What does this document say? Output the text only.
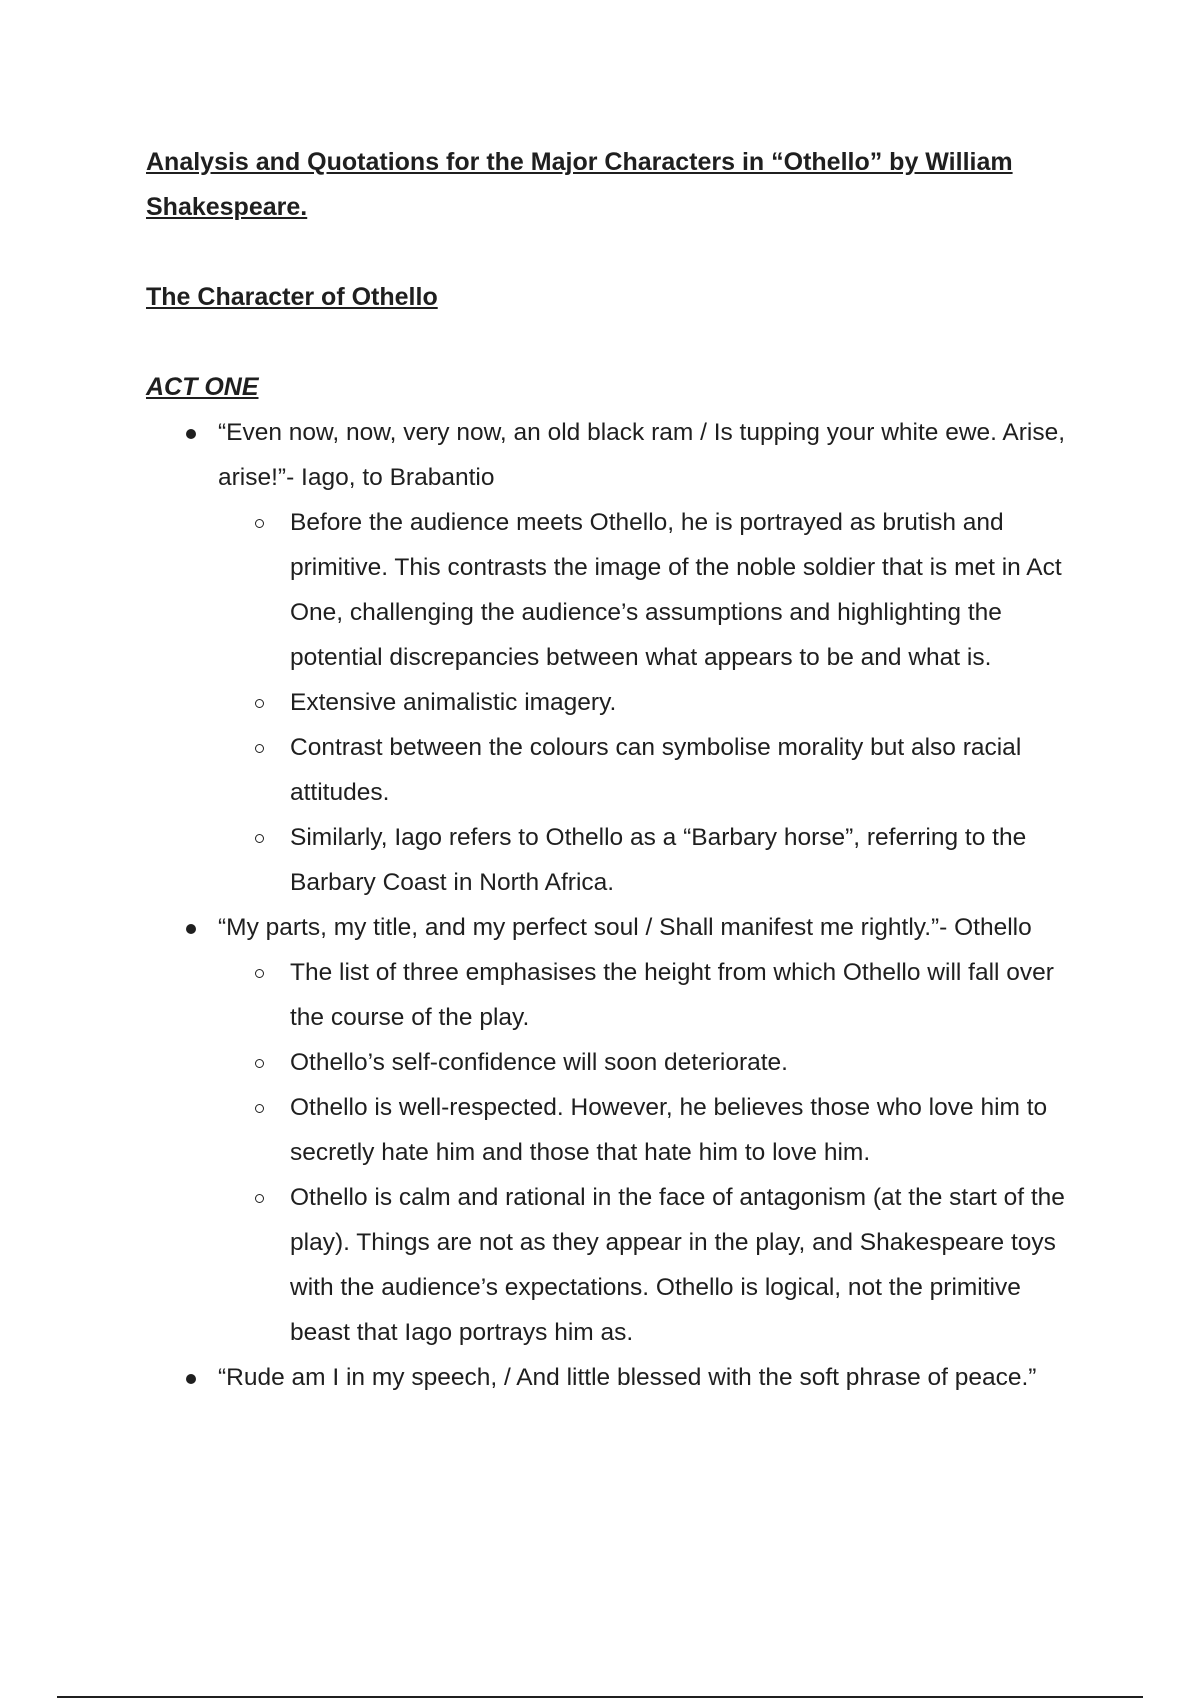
Analysis and Quotations for the Major Characters in “Othello” by William Shakespeare.
The Character of Othello
ACT ONE
“Even now, now, very now, an old black ram / Is tupping your white ewe. Arise, arise!”- Iago, to Brabantio
Before the audience meets Othello, he is portrayed as brutish and primitive. This contrasts the image of the noble soldier that is met in Act One, challenging the audience’s assumptions and highlighting the potential discrepancies between what appears to be and what is.
Extensive animalistic imagery.
Contrast between the colours can symbolise morality but also racial attitudes.
Similarly, Iago refers to Othello as a “Barbary horse”, referring to the Barbary Coast in North Africa.
“My parts, my title, and my perfect soul / Shall manifest me rightly.”- Othello
The list of three emphasises the height from which Othello will fall over the course of the play.
Othello’s self-confidence will soon deteriorate.
Othello is well-respected. However, he believes those who love him to secretly hate him and those that hate him to love him.
Othello is calm and rational in the face of antagonism (at the start of the play). Things are not as they appear in the play, and Shakespeare toys with the audience’s expectations. Othello is logical, not the primitive beast that Iago portrays him as.
“Rude am I in my speech, / And little blessed with the soft phrase of peace.”
